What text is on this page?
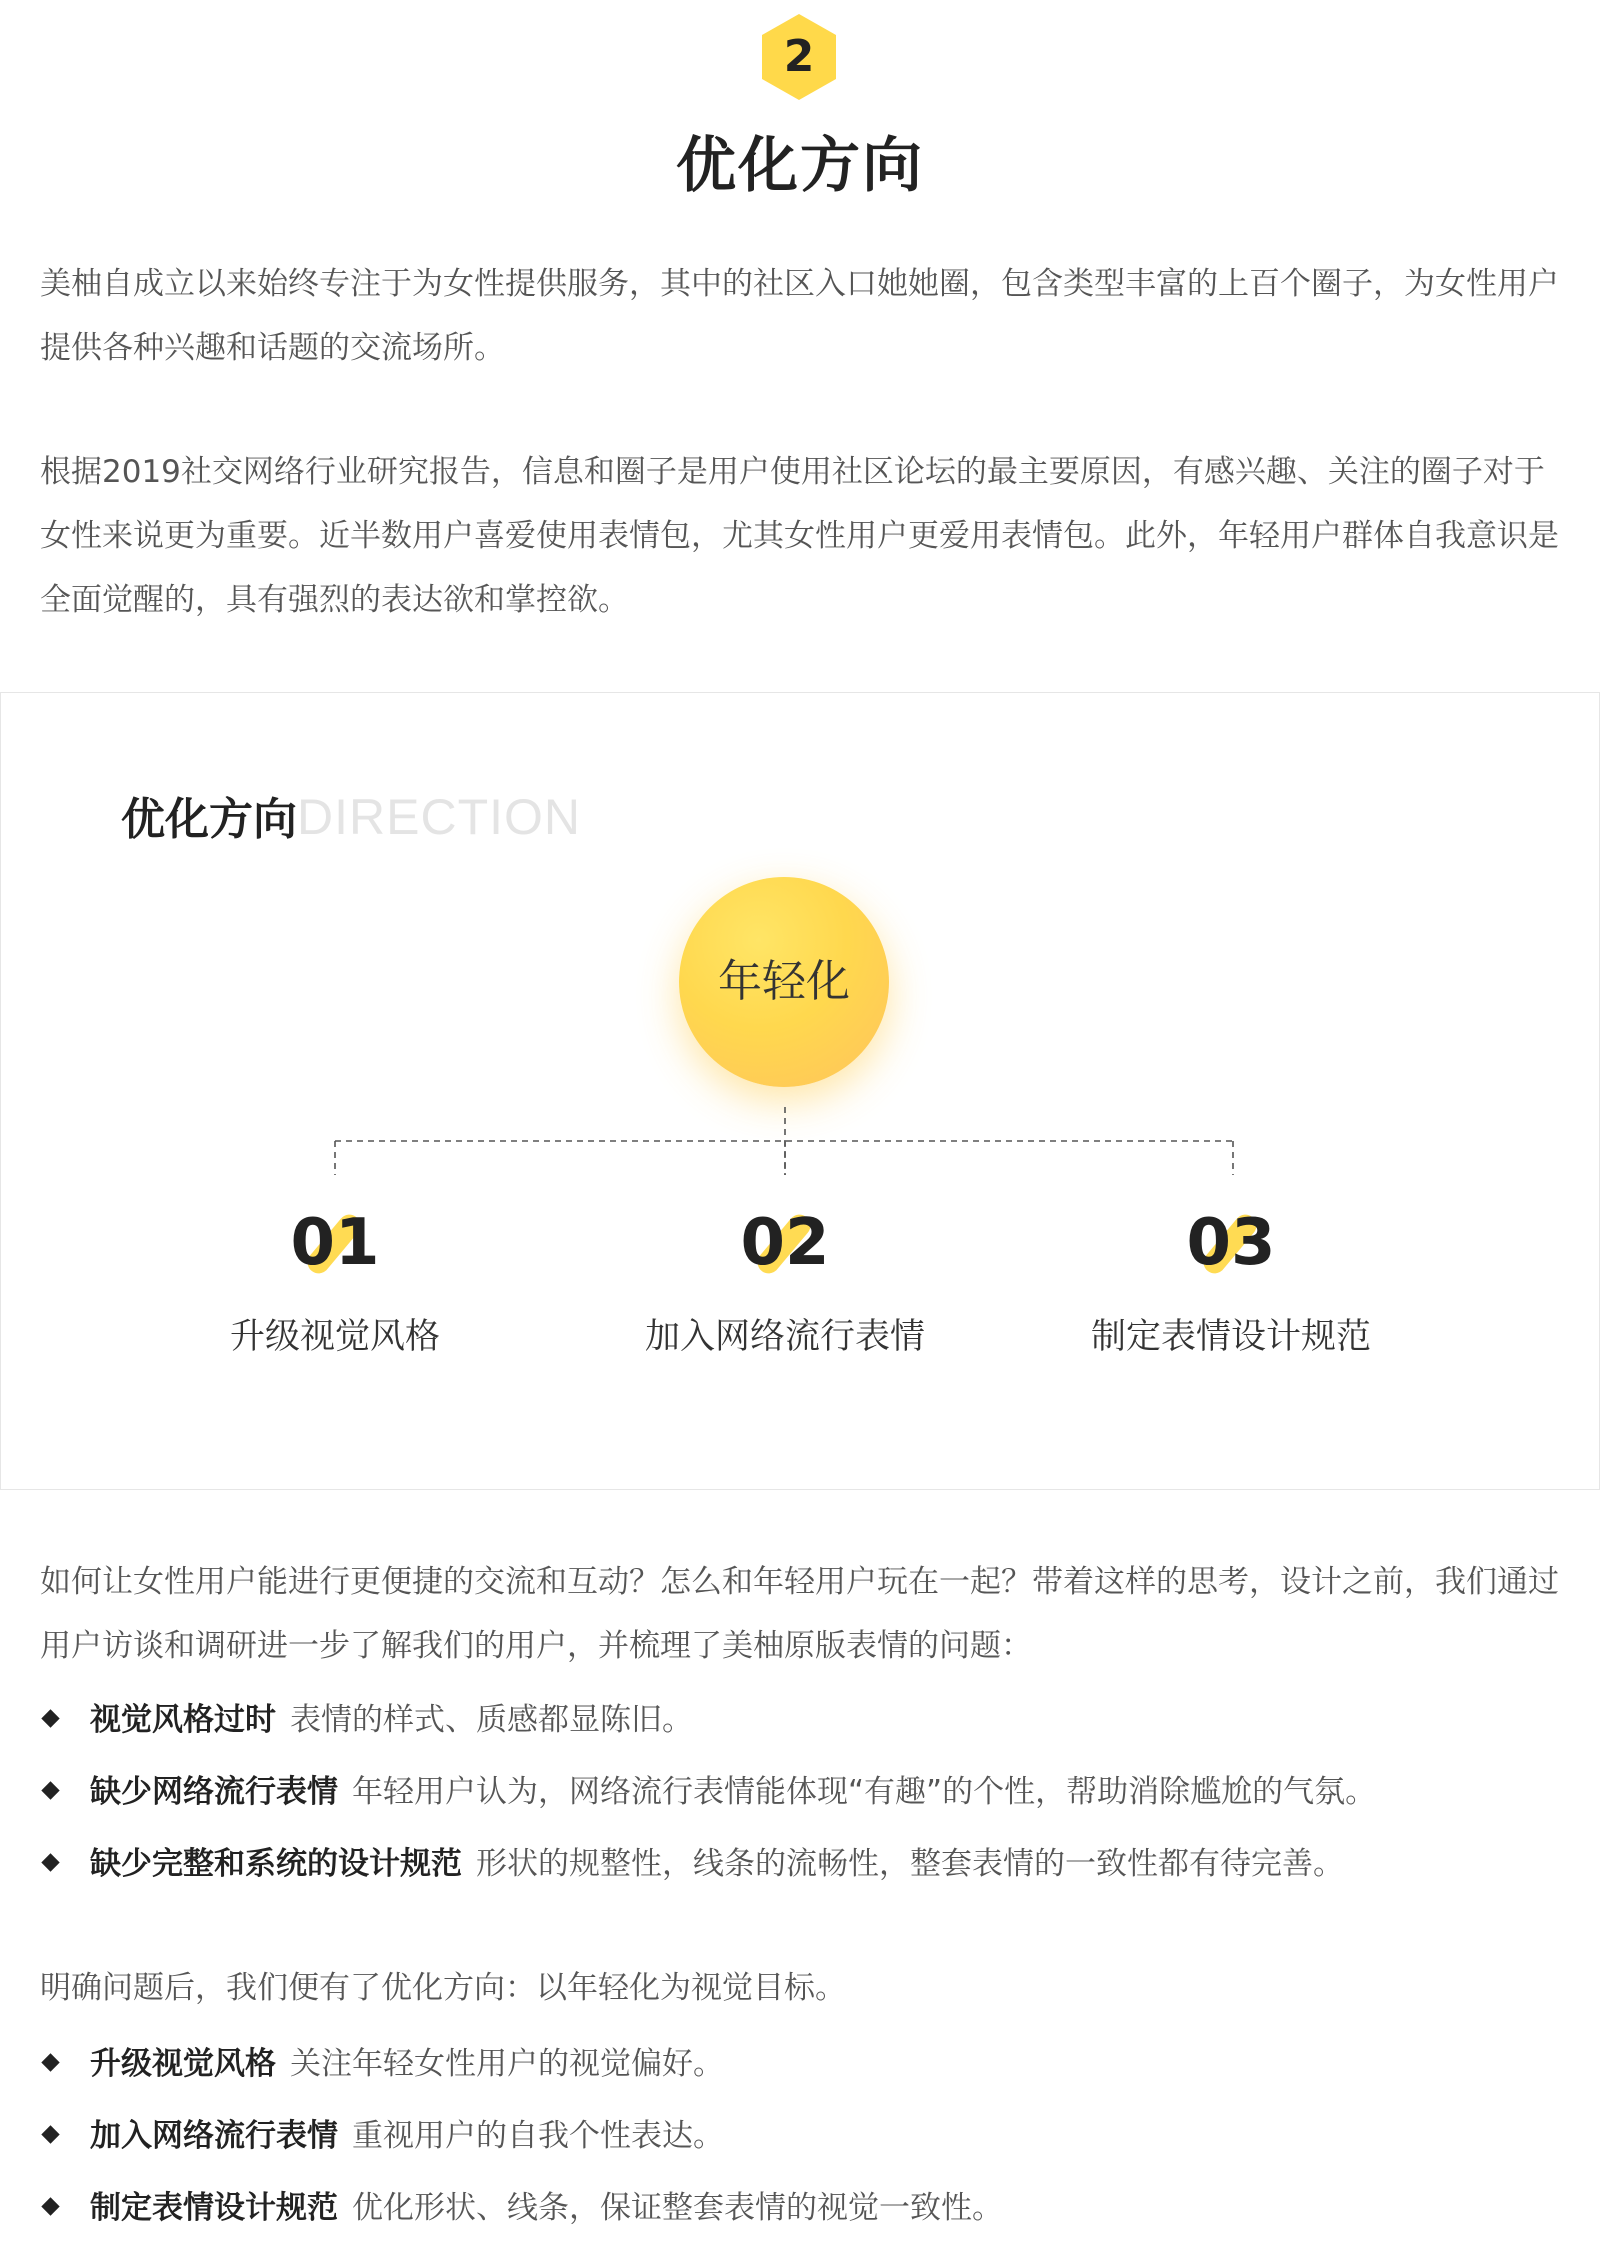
2
优化方向

美柚自成立以来始终专注于为女性提供服务，其中的社区入口她她圈，包含类型丰富的上百个圈子，为女性用户提供各种兴趣和话题的交流场所。

根据2019社交网络行业研究报告，信息和圈子是用户使用社区论坛的最主要原因，有感兴趣、关注的圈子对于女性来说更为重要。近半数用户喜爱使用表情包，尤其女性用户更爱用表情包。此外，年轻用户群体自我意识是全面觉醒的，具有强烈的表达欲和掌控欲。

优化方向DIRECTION
年轻化
01
升级视觉风格
02
加入网络流行表情
03
制定表情设计规范

如何让女性用户能进行更便捷的交流和互动？怎么和年轻用户玩在一起？带着这样的思考，设计之前，我们通过用户访谈和调研进一步了解我们的用户，并梳理了美柚原版表情的问题：

视觉风格过时 表情的样式、质感都显陈旧。
缺少网络流行表情 年轻用户认为，网络流行表情能体现“有趣”的个性，帮助消除尴尬的气氛。
缺少完整和系统的设计规范 形状的规整性，线条的流畅性，整套表情的一致性都有待完善。

明确问题后，我们便有了优化方向：以年轻化为视觉目标。

升级视觉风格 关注年轻女性用户的视觉偏好。
加入网络流行表情 重视用户的自我个性表达。
制定表情设计规范 优化形状、线条，保证整套表情的视觉一致性。
